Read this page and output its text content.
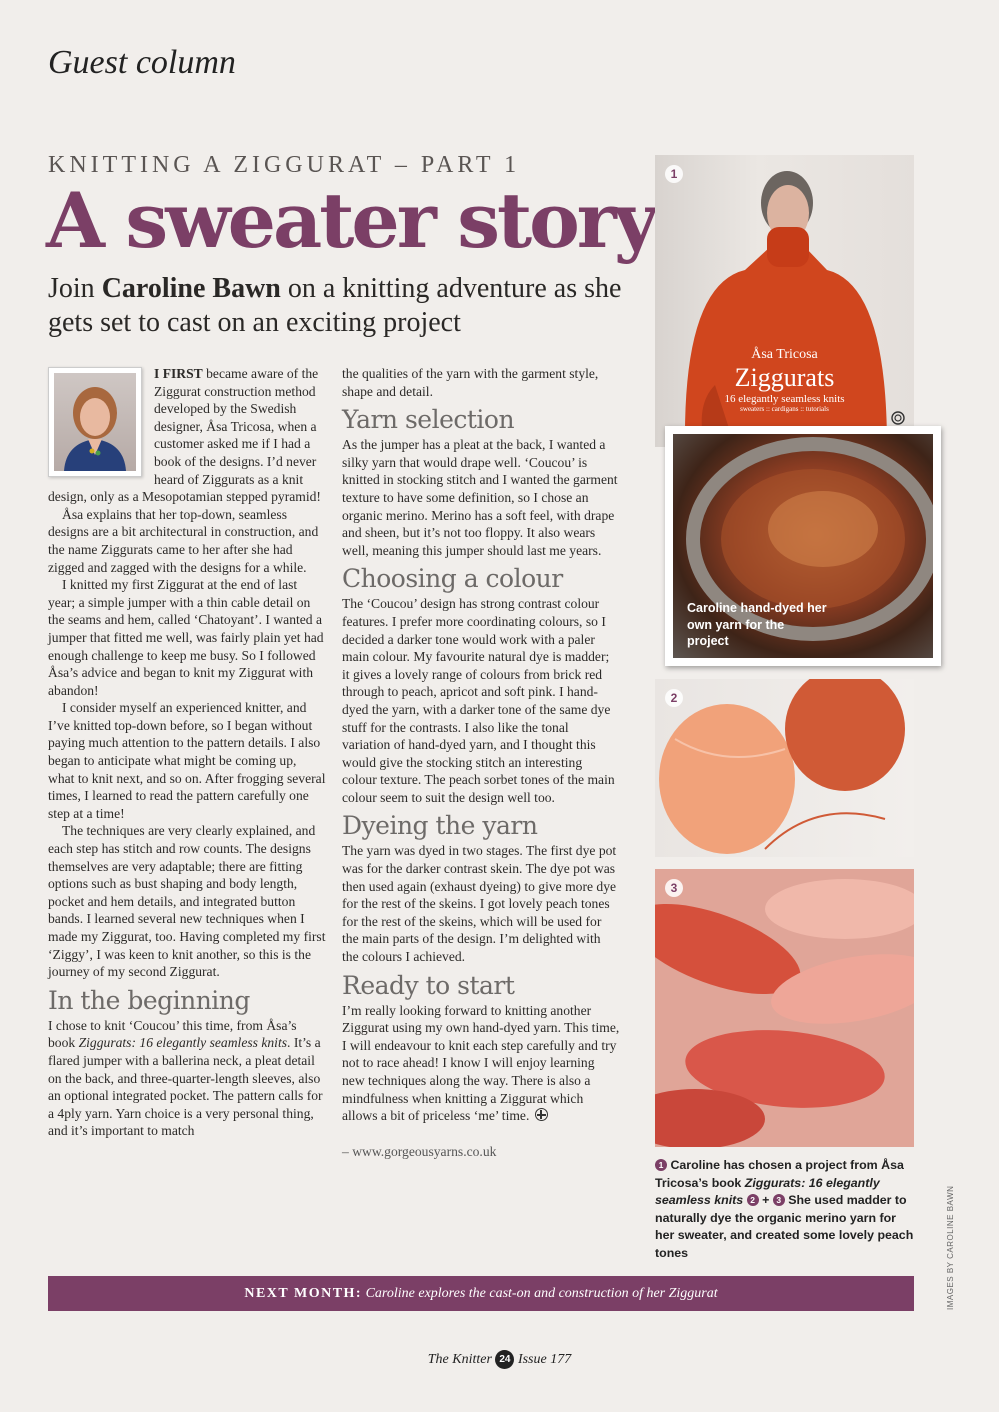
Guest column
KNITTING A ZIGGURAT – PART 1
A sweater story
Join Caroline Bawn on a knitting adventure as she gets set to cast on an exciting project

I FIRST became aware of the Ziggurat construction method developed by the Swedish designer, Åsa Tricosa, when a customer asked me if I had a book of the designs. I’d never heard of Ziggurats as a knit design, only as a Mesopotamian stepped pyramid!

Åsa explains that her top-down, seamless designs are a bit architectural in construction, and the name Ziggurats came to her after she had zigged and zagged with the designs for a while.

I knitted my first Ziggurat at the end of last year; a simple jumper with a thin cable detail on the seams and hem, called ‘Chatoyant’. I wanted a jumper that fitted me well, was fairly plain yet had enough challenge to keep me busy. So I followed Åsa’s advice and began to knit my Ziggurat with abandon!

I consider myself an experienced knitter, and I’ve knitted top-down before, so I began without paying much attention to the pattern details. I also began to anticipate what might be coming up, what to knit next, and so on. After frogging several times, I learned to read the pattern carefully one step at a time!

The techniques are very clearly explained, and each step has stitch and row counts. The designs themselves are very adaptable; there are fitting options such as bust shaping and body length, pocket and hem details, and integrated button bands. I learned several new techniques when I made my Ziggurat, too. Having completed my first ‘Ziggy’, I was keen to knit another, so this is the journey of my second Ziggurat.

In the beginning

I chose to knit ‘Coucou’ this time, from Åsa’s book Ziggurats: 16 elegantly seamless knits. It’s a flared jumper with a ballerina neck, a pleat detail on the back, and three-quarter-length sleeves, also an optional integrated pocket. The pattern calls for a 4ply yarn. Yarn choice is a very personal thing, and it’s important to match

the qualities of the yarn with the garment style, shape and detail.

Yarn selection

As the jumper has a pleat at the back, I wanted a silky yarn that would drape well. ‘Coucou’ is knitted in stocking stitch and I wanted the garment texture to have some definition, so I chose an organic merino. Merino has a soft feel, with drape and sheen, but it’s not too floppy. It also wears well, meaning this jumper should last me years.

Choosing a colour

The ‘Coucou’ design has strong contrast colour features. I prefer more coordinating colours, so I decided a darker tone would work with a paler main colour. My favourite natural dye is madder; it gives a lovely range of colours from brick red through to peach, apricot and soft pink. I hand-dyed the yarn, with a darker tone of the same dye stuff for the contrasts. I also like the tonal variation of hand-dyed yarn, and I thought this would give the stocking stitch an interesting colour texture. The peach sorbet tones of the main colour seem to suit the design well too.

Dyeing the yarn

The yarn was dyed in two stages. The first dye pot was for the darker contrast skein. The dye pot was then used again (exhaust dyeing) to give more dye for the rest of the skeins. I got lovely peach tones for the rest of the skeins, which will be used for the main parts of the design. I’m delighted with the colours I achieved.

Ready to start

I’m really looking forward to knitting another Ziggurat using my own hand-dyed yarn. This time, I will endeavour to knit each step carefully and try not to race ahead! I know I will enjoy learning new techniques along the way. There is also a mindfulness when knitting a Ziggurat which allows a bit of priceless ‘me’ time.

– www.gorgeousyarns.co.uk

1
Åsa Tricosa
Ziggurats
16 elegantly seamless knits
sweaters :: cardigans :: tutorials
Caroline hand-dyed her own yarn for the project
2
3
1 Caroline has chosen a project from Åsa Tricosa’s book Ziggurats: 16 elegantly seamless knits 2 + 3 She used madder to naturally dye the organic merino yarn for her sweater, and created some lovely peach tones	IMAGES BY CAROLINE BAWN
NEXT MONTH: Caroline explores the cast-on and construction of her Ziggurat
The Knitter 24 Issue 177
